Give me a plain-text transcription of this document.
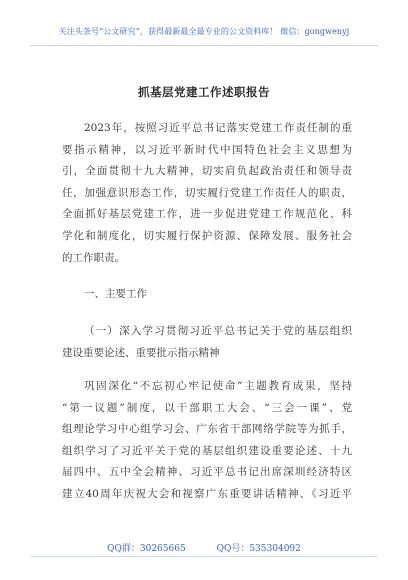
关注头条号“公文研究”，获得最新最全最专业的公文资料库！ 微信：gongwenyj
抓基层党建工作述职报告
2023年，按照习近平总书记落实党建工作责任制的重
要指示精神，以习近平新时代中国特色社会主义思想为
引，全面贯彻十九大精神，切实肩负起政治责任和领导责
任，加强意识形态工作，切实履行党建工作责任人的职责，
全面抓好基层党建工作，进一步促进党建工作规范化、科
学化和制度化，切实履行保护资源、保障发展、服务社会
的工作职责。
一、主要工作
（一）深入学习贯彻习近平总书记关于党的基层组织
建设重要论述、重要批示指示精神
巩固深化“不忘初心牢记使命”主题教育成果，坚持
“第一议题”制度，以干部职工大会、“三会一课”、党
组理论学习中心组学习会、广东省干部网络学院等为抓手，
组织学习了习近平关于党的基层组织建设重要论述、十九
届四中、五中全会精神、习近平总书记出席深圳经济特区
建立40周年庆祝大会和视察广东重要讲话精神、《习近平
QQ群：30265665	QQ号：535304092
